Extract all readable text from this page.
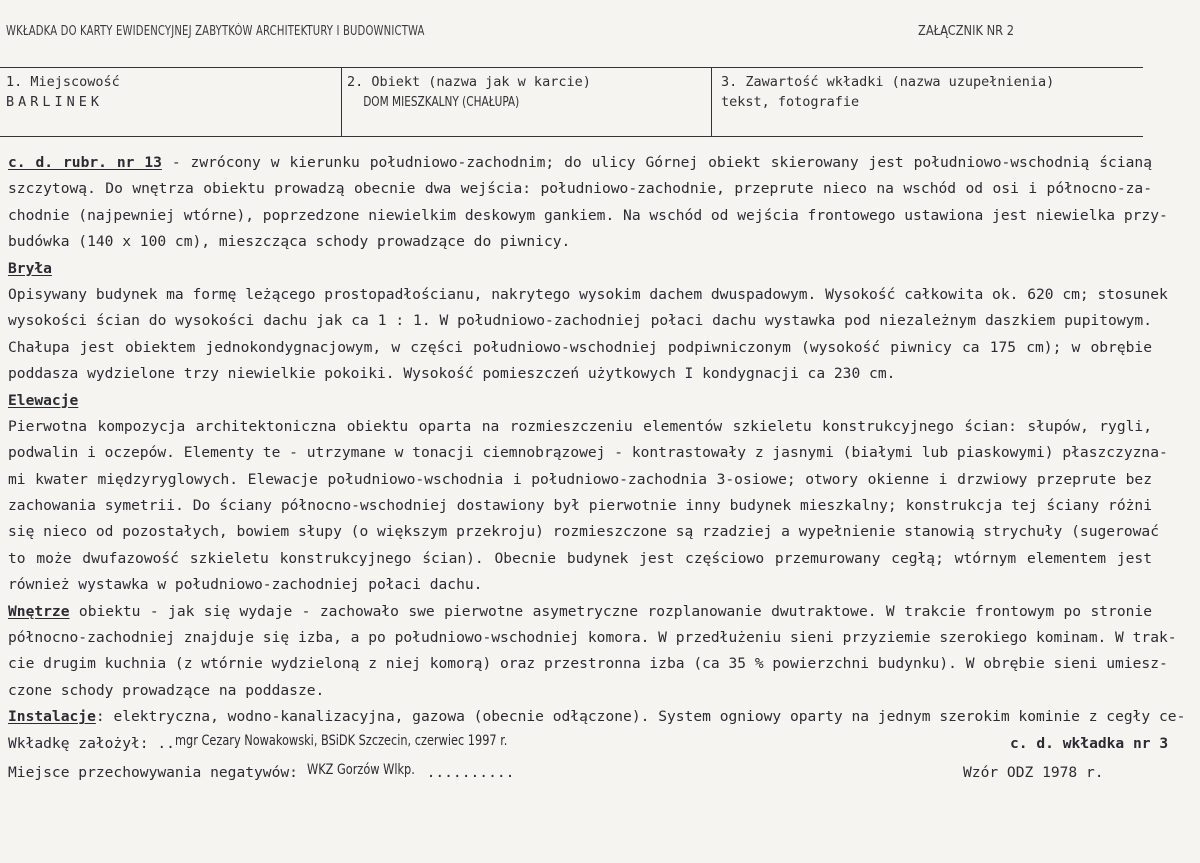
WKŁADKA DO KARTY EWIDENCYJNEJ ZABYTKÓW ARCHITEKTURY I BUDOWNICTWA	ZAŁĄCZNIK NR 2
1. Miejscowość
BARLINEK
2. Obiekt (nazwa jak w karcie)
DOM MIESZKALNY (CHAŁUPA)
3. Zawartość wkładki (nazwa uzupełnienia)
tekst, fotografie
c. d. rubr. nr 13 - zwrócony w kierunku południowo-zachodnim; do ulicy Górnej obiekt skierowany jest południowo-wschodnią ścianą
szczytową. Do wnętrza obiektu prowadzą obecnie dwa wejścia: południowo-zachodnie, przeprute nieco na wschód od osi i północno-za-
chodnie (najpewniej wtórne), poprzedzone niewielkim deskowym gankiem. Na wschód od wejścia frontowego ustawiona jest niewielka przy-
budówka (140 x 100 cm), mieszcząca schody prowadzące do piwnicy.
Bryła
Opisywany budynek ma formę leżącego prostopadłościanu, nakrytego wysokim dachem dwuspadowym. Wysokość całkowita ok. 620 cm; stosunek
wysokości ścian do wysokości dachu jak ca 1 : 1. W południowo-zachodniej połaci dachu wystawka pod niezależnym daszkiem pupitowym.
Chałupa jest obiektem jednokondygnacjowym, w części południowo-wschodniej podpiwniczonym (wysokość piwnicy ca 175 cm); w obrębie
poddasza wydzielone trzy niewielkie pokoiki. Wysokość pomieszczeń użytkowych I kondygnacji ca 230 cm.
Elewacje
Pierwotna kompozycja architektoniczna obiektu oparta na rozmieszczeniu elementów szkieletu konstrukcyjnego ścian: słupów, rygli,
podwalin i oczepów. Elementy te - utrzymane w tonacji ciemnobrązowej - kontrastowały z jasnymi (białymi lub piaskowymi) płaszczyzna-
mi kwater międzyryglowych. Elewacje południowo-wschodnia i południowo-zachodnia 3-osiowe; otwory okienne i drzwiowy przeprute bez
zachowania symetrii. Do ściany północno-wschodniej dostawiony był pierwotnie inny budynek mieszkalny; konstrukcja tej ściany różni
się nieco od pozostałych, bowiem słupy (o większym przekroju) rozmieszczone są rzadziej a wypełnienie stanowią strychuły (sugerować
to może dwufazowość szkieletu konstrukcyjnego ścian). Obecnie budynek jest częściowo przemurowany cegłą; wtórnym elementem jest
również wystawka w południowo-zachodniej połaci dachu.
Wnętrze obiektu - jak się wydaje - zachowało swe pierwotne asymetryczne rozplanowanie dwutraktowe. W trakcie frontowym po stronie
północno-zachodniej znajduje się izba, a po południowo-wschodniej komora. W przedłużeniu sieni przyziemie szerokiego kominam. W trak-
cie drugim kuchnia (z wtórnie wydzieloną z niej komorą) oraz przestronna izba (ca 35 % powierzchni budynku). W obrębie sieni umiesz-
czone schody prowadzące na poddasze.
Instalacje: elektryczna, wodno-kanalizacyjna, gazowa (obecnie odłączone). System ogniowy oparty na jednym szerokim kominie z cegły ce-
Wkładkę założył: ..mgr Cezary Nowakowski, BSiDK Szczecin, czerwiec 1997 r.	c. d. wkładka nr 3
Miejsce przechowywania negatywów: WKZ Gorzów Wlkp. ..........	Wzór ODZ 1978 r.
